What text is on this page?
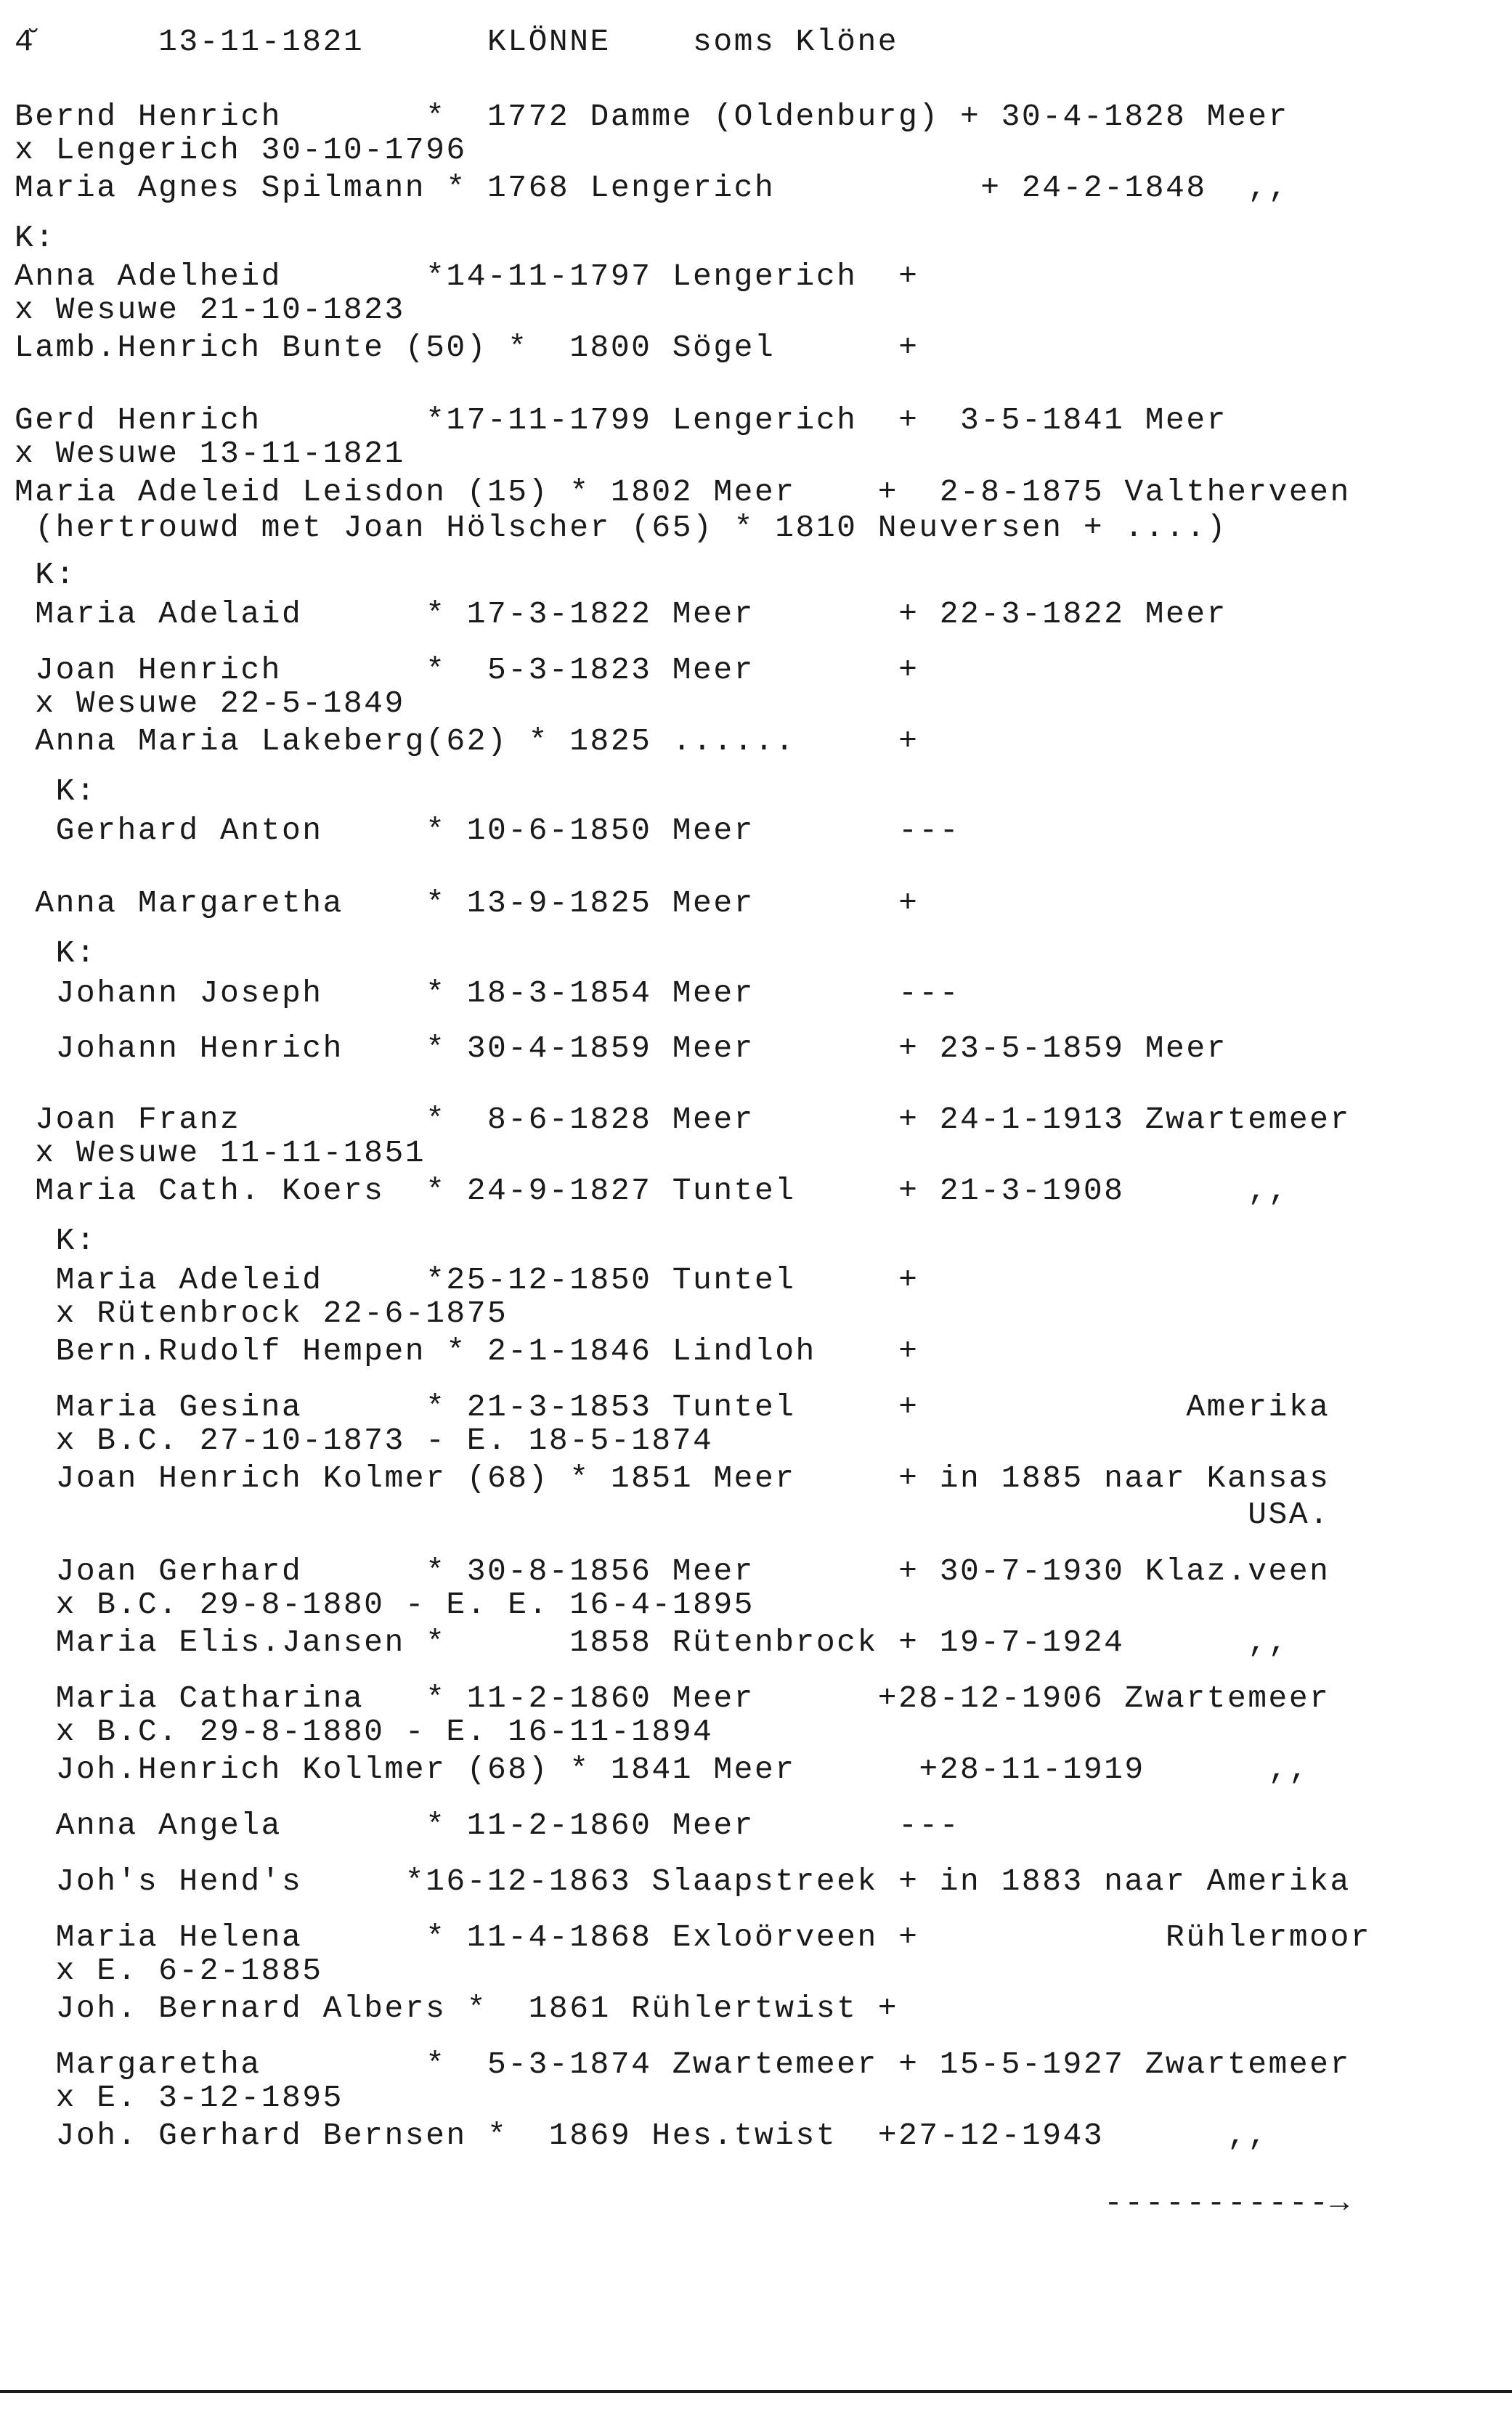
4̆      13-11-1821      KLÖNNE    soms Klöne
Bernd Henrich       *  1772 Damme (Oldenburg) + 30-4-1828 Meer
x Lengerich 30-10-1796
Maria Agnes Spilmann * 1768 Lengerich          + 24-2-1848  ,,
K:
Anna Adelheid       *14-11-1797 Lengerich  +
x Wesuwe 21-10-1823
Lamb.Henrich Bunte (50) *  1800 Sögel      +
Gerd Henrich        *17-11-1799 Lengerich  +  3-5-1841 Meer
x Wesuwe 13-11-1821
Maria Adeleid Leisdon (15) * 1802 Meer    +  2-8-1875 Valtherveen
(hertrouwd met Joan Hölscher (65) * 1810 Neuversen + ....)
K:
Maria Adelaid      * 17-3-1822 Meer       + 22-3-1822 Meer
Joan Henrich       *  5-3-1823 Meer       +
x Wesuwe 22-5-1849
Anna Maria Lakeberg(62) * 1825 ......     +
K:
Gerhard Anton     * 10-6-1850 Meer       ---
Anna Margaretha    * 13-9-1825 Meer       +
K:
Johann Joseph     * 18-3-1854 Meer       ---
Johann Henrich    * 30-4-1859 Meer       + 23-5-1859 Meer
Joan Franz         *  8-6-1828 Meer       + 24-1-1913 Zwartemeer
x Wesuwe 11-11-1851
Maria Cath. Koers  * 24-9-1827 Tuntel     + 21-3-1908      ,,
K:
Maria Adeleid     *25-12-1850 Tuntel     +
x Rütenbrock 22-6-1875
Bern.Rudolf Hempen * 2-1-1846 Lindloh    +
Maria Gesina      * 21-3-1853 Tuntel     +             Amerika
x B.C. 27-10-1873 - E. 18-5-1874
Joan Henrich Kolmer (68) * 1851 Meer     + in 1885 naar Kansas
USA.
Joan Gerhard      * 30-8-1856 Meer       + 30-7-1930 Klaz.veen
x B.C. 29-8-1880 - E. E. 16-4-1895
Maria Elis.Jansen *      1858 Rütenbrock + 19-7-1924      ,,
Maria Catharina   * 11-2-1860 Meer      +28-12-1906 Zwartemeer
x B.C. 29-8-1880 - E. 16-11-1894
Joh.Henrich Kollmer (68) * 1841 Meer      +28-11-1919      ,,
Anna Angela       * 11-2-1860 Meer       ---
Joh's Hend's     *16-12-1863 Slaapstreek + in 1883 naar Amerika
Maria Helena      * 11-4-1868 Exloörveen +            Rühlermoor
x E. 6-2-1885
Joh. Bernard Albers *  1861 Rühlertwist +
Margaretha        *  5-3-1874 Zwartemeer + 15-5-1927 Zwartemeer
x E. 3-12-1895
Joh. Gerhard Bernsen *  1869 Hes.twist  +27-12-1943      ,,
-----------→
